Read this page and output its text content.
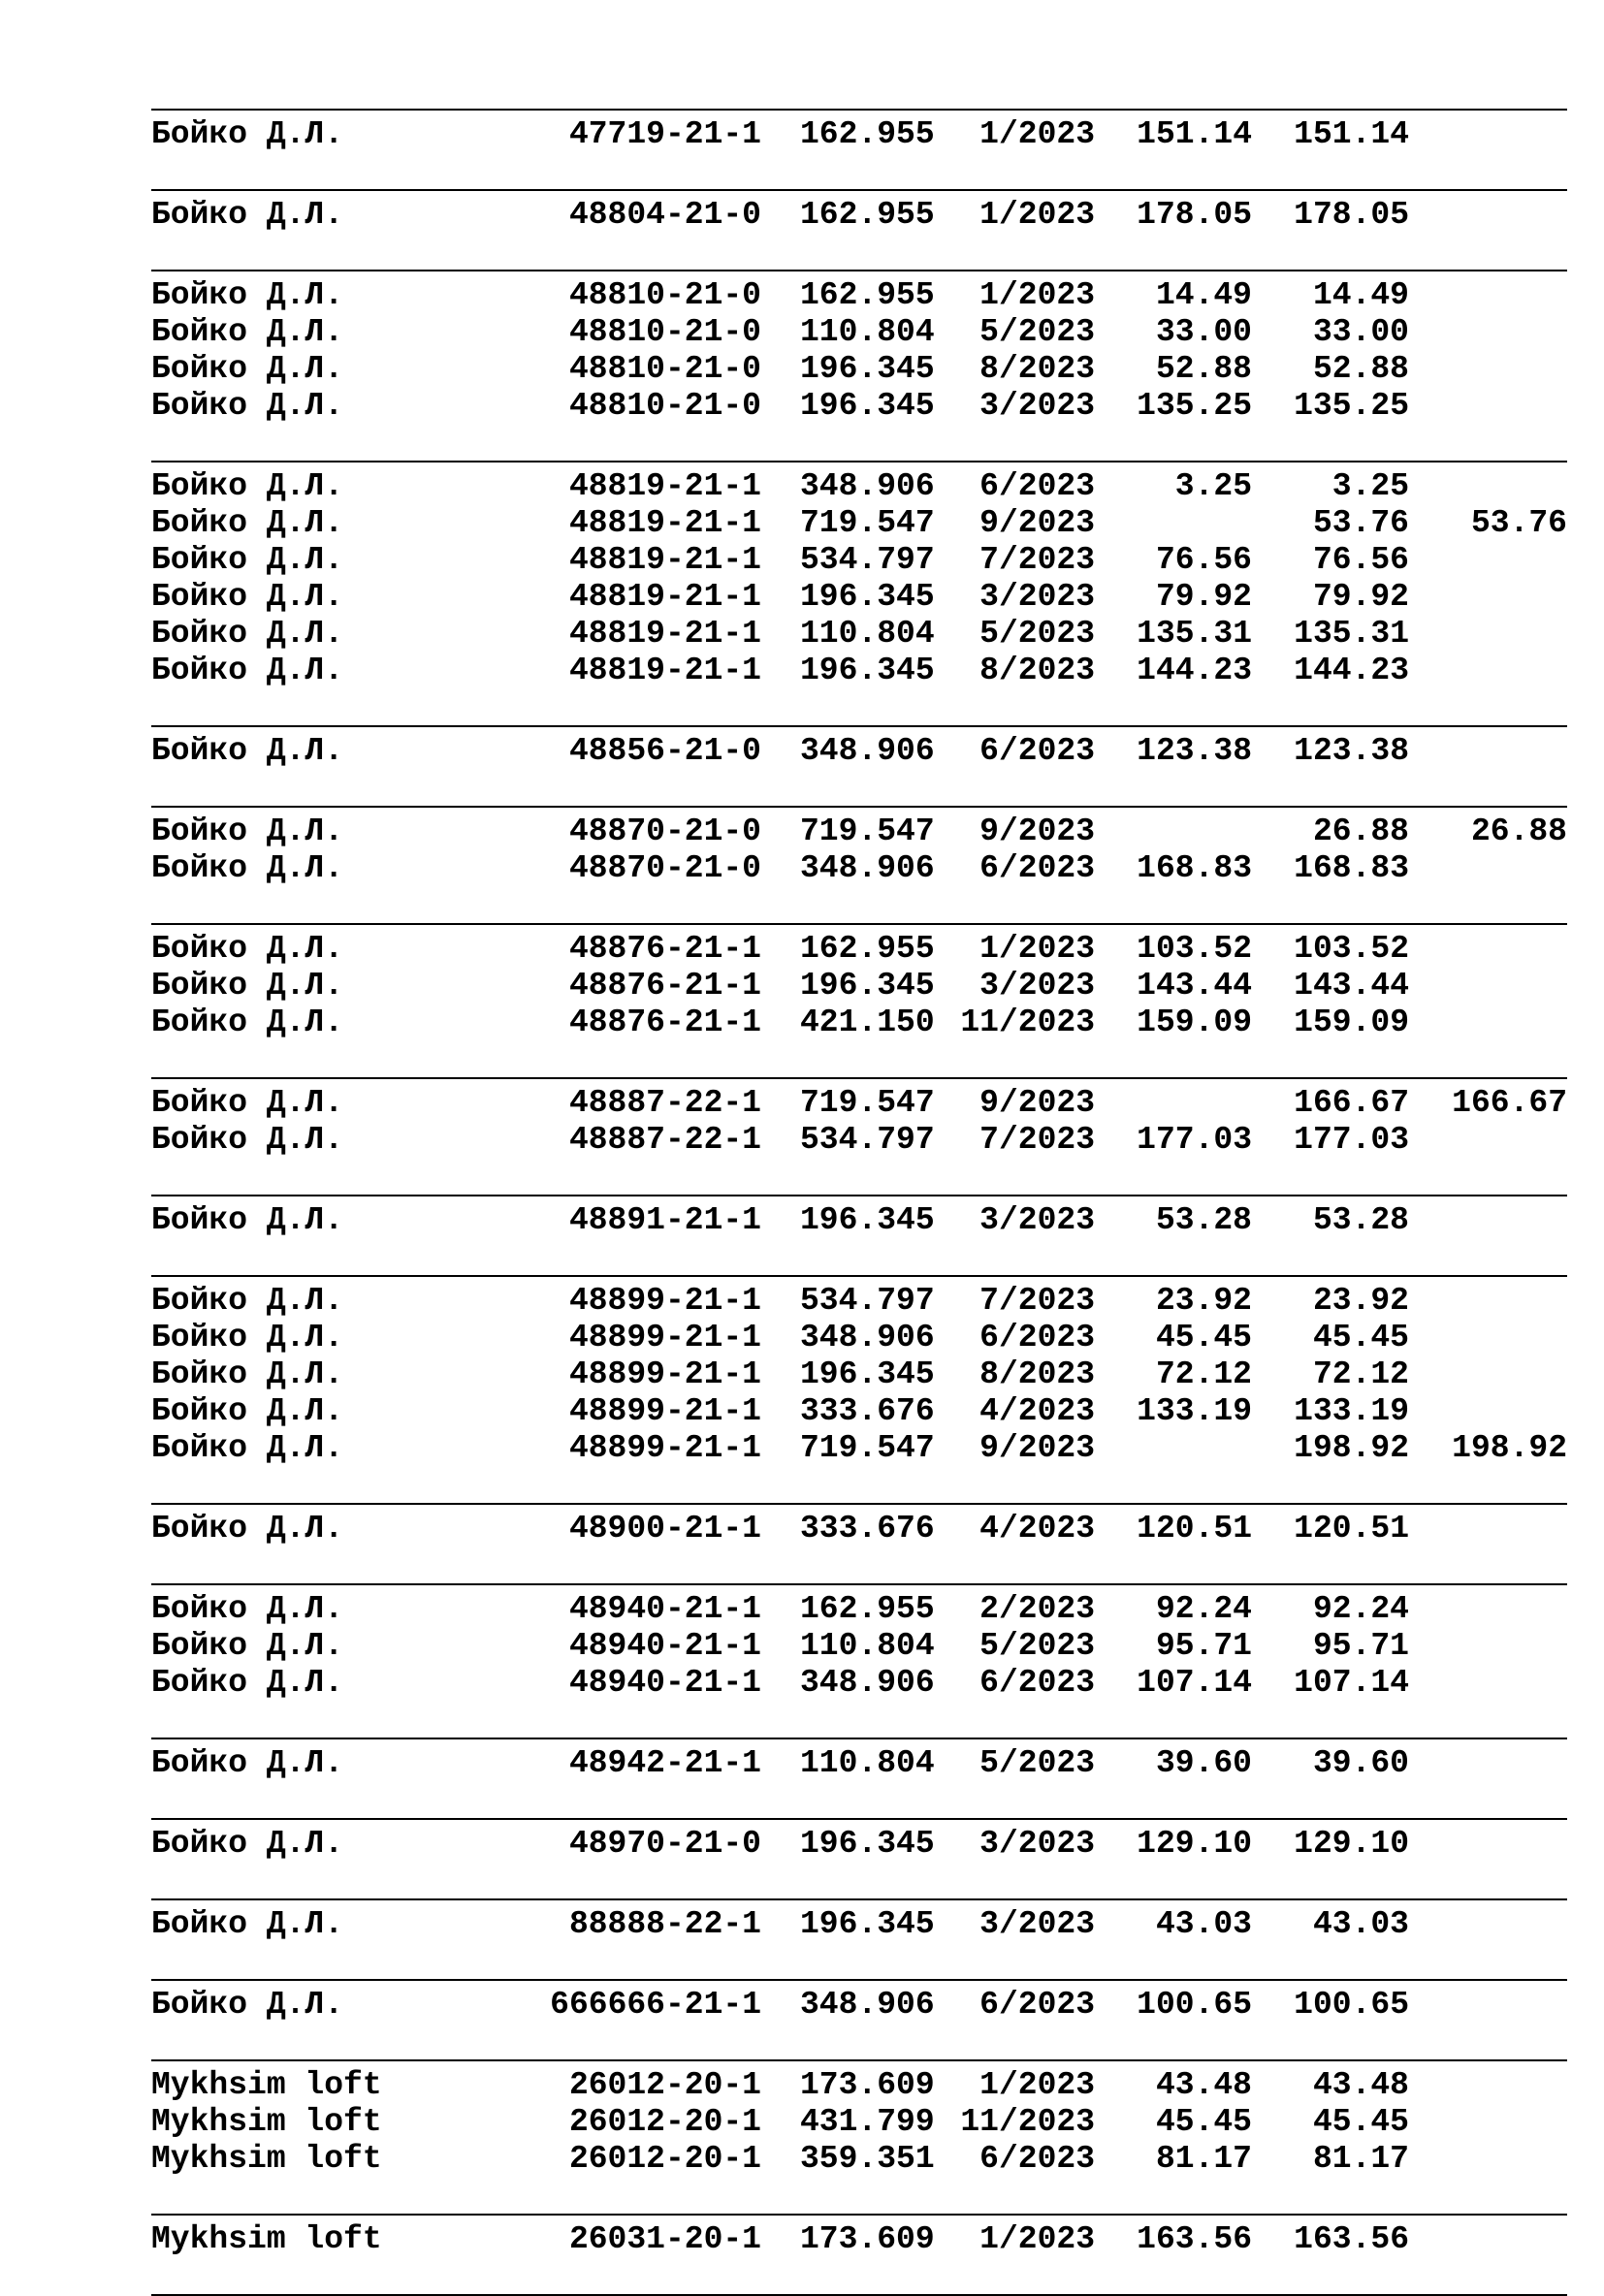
Бойко Д.Л.	47719-21-1 162.955 1/2023 151.14 151.14
Бойко Д.Л.	48804-21-0 162.955 1/2023 178.05 178.05
Бойко Д.Л.	48810-21-0 162.955 1/2023 14.49 14.49
Бойко Д.Л.	48810-21-0 110.804 5/2023 33.00 33.00
Бойко Д.Л.	48810-21-0 196.345 8/2023 52.88 52.88
Бойко Д.Л.	48810-21-0 196.345 3/2023 135.25 135.25
Бойко Д.Л.	48819-21-1 348.906 6/2023	3.25	3.25
Бойко Д.Л.	48819-21-1 719.547 9/2023	53.76 53.76
Бойко Д.Л.	48819-21-1 534.797 7/2023 76.56 76.56
Бойко Д.Л.	48819-21-1 196.345 3/2023 79.92 79.92
Бойко Д.Л.	48819-21-1 110.804 5/2023 135.31 135.31
Бойко Д.Л.	48819-21-1 196.345 8/2023 144.23 144.23
Бойко Д.Л.	48856-21-0 348.906 6/2023 123.38 123.38
Бойко Д.Л.	48870-21-0 719.547 9/2023	26.88 26.88
Бойко Д.Л.	48870-21-0 348.906 6/2023 168.83 168.83
Бойко Д.Л.	48876-21-1 162.955 1/2023 103.52 103.52
Бойко Д.Л.	48876-21-1 196.345 3/2023 143.44 143.44
Бойко Д.Л.	48876-21-1 421.150 11/2023 159.09 159.09
Бойко Д.Л.	48887-22-1 719.547 9/2023	166.67 166.67
Бойко Д.Л.	48887-22-1 534.797 7/2023 177.03 177.03
Бойко Д.Л.	48891-21-1 196.345 3/2023 53.28 53.28
Бойко Д.Л.	48899-21-1 534.797 7/2023 23.92 23.92
Бойко Д.Л.	48899-21-1 348.906 6/2023 45.45 45.45
Бойко Д.Л.	48899-21-1 196.345 8/2023 72.12 72.12
Бойко Д.Л.	48899-21-1 333.676 4/2023 133.19 133.19
Бойко Д.Л.	48899-21-1 719.547 9/2023	198.92 198.92
Бойко Д.Л.	48900-21-1 333.676 4/2023 120.51 120.51
Бойко Д.Л.	48940-21-1 162.955 2/2023 92.24 92.24
Бойко Д.Л.	48940-21-1 110.804 5/2023 95.71 95.71
Бойко Д.Л.	48940-21-1 348.906 6/2023 107.14 107.14
Бойко Д.Л.	48942-21-1 110.804 5/2023 39.60 39.60
Бойко Д.Л.	48970-21-0 196.345 3/2023 129.10 129.10
Бойко Д.Л.	88888-22-1 196.345 3/2023 43.03 43.03
Бойко Д.Л.	666666-21-1 348.906 6/2023 100.65 100.65
Mykhsim loft	26012-20-1 173.609 1/2023 43.48 43.48
Mykhsim loft	26012-20-1 431.799 11/2023 45.45 45.45
Mykhsim loft	26012-20-1 359.351 6/2023 81.17 81.17
Mykhsim loft	26031-20-1 173.609 1/2023 163.56 163.56
